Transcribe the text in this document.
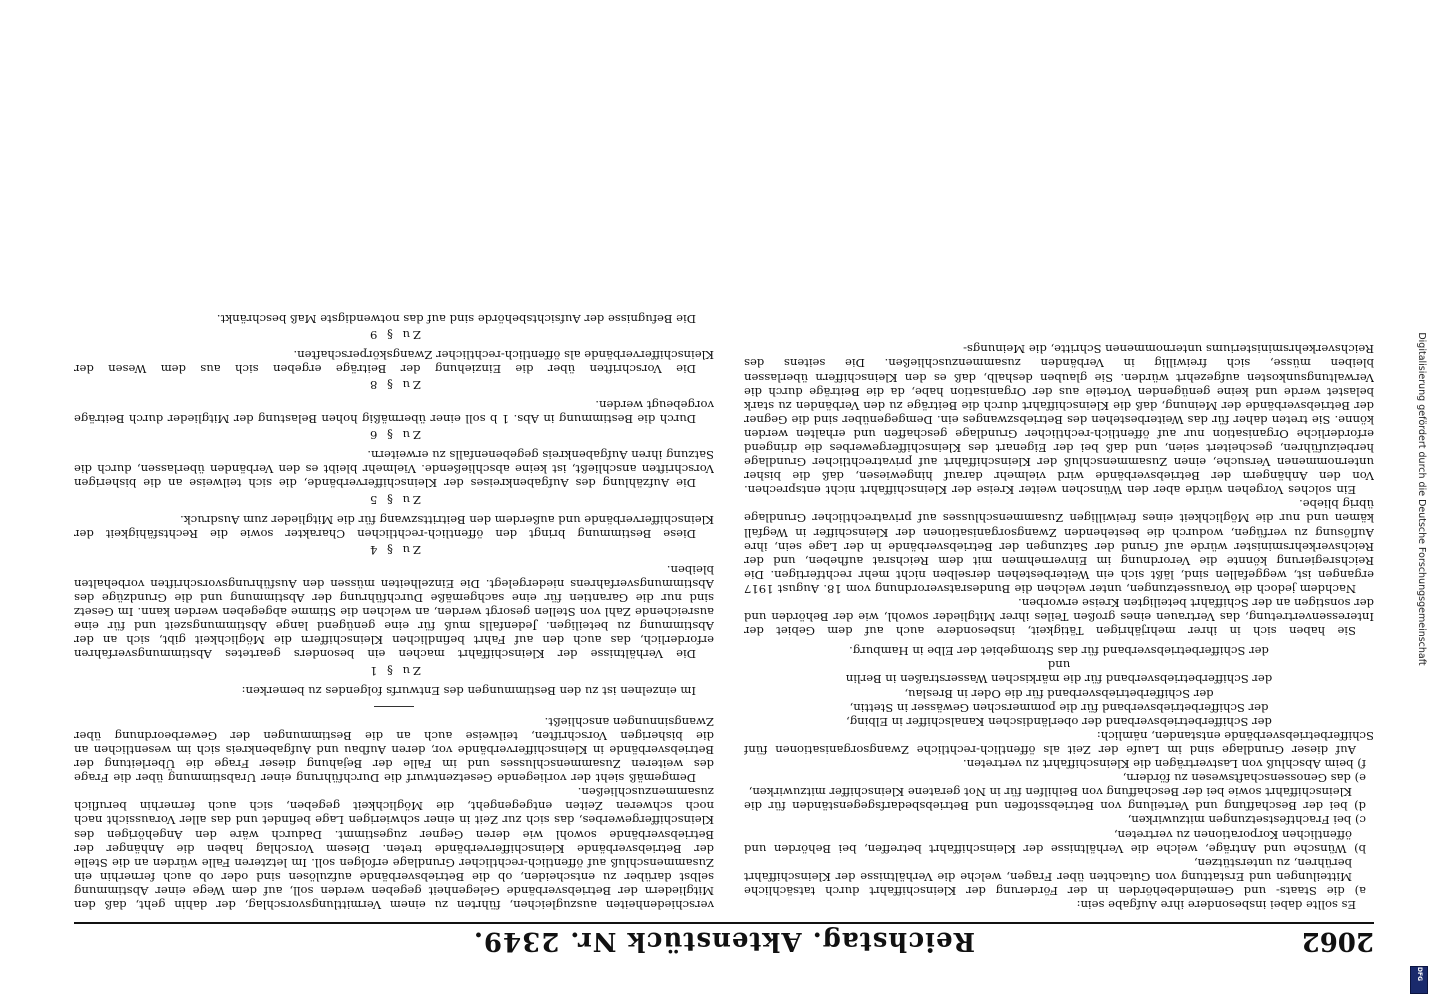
2062
Reichstag. Aktenstück Nr. 2349.

Es sollte dabei insbesondere ihre Aufgabe sein:

a) die Staats- und Gemeindebehörden in der Förderung der Kleinschiffahrt durch tatsächliche Mitteilungen und Erstattung von Gutachten über Fragen, welche die Verhältnisse der Kleinschiffahrt berühren, zu unterstützen,

b) Wünsche und Anträge, welche die Verhältnisse der Kleinschiffahrt betreffen, bei Behörden und öffentlichen Korporationen zu vertreten,

c) bei Frachtfestsetzungen mitzuwirken,

d) bei der Beschaffung und Verteilung von Betriebsstoffen und Betriebsbedarfsgegenständen für die Kleinschiffahrt sowie bei der Beschaffung von Beihilfen für in Not geratene Kleinschiffer mitzuwirken,

e) das Genossenschaftswesen zu fördern,

f) beim Abschluß von Lastverträgen die Kleinschiffahrt zu vertreten.

Auf dieser Grundlage sind im Laufe der Zeit als öffentlich-rechtliche Zwangsorganisationen fünf Schifferbetriebsverbände entstanden, nämlich:

der Schifferbetriebsverband der oberländischen Kanalschiffer in Elbing,

der Schifferbetriebsverband für die pommerschen Gewässer in Stettin,

der Schifferbetriebsverband für die Oder in Breslau,

der Schifferbetriebsverband für die märkischen Wasserstraßen in Berlin

und

der Schifferbetriebsverband für das Stromgebiet der Elbe in Hamburg.

Sie haben sich in ihrer mehrjährigen Tätigkeit, insbesondere auch auf dem Gebiet der Interessenvertretung, das Vertrauen eines großen Teiles ihrer Mitglieder sowohl, wie der Behörden und der sonstigen an der Schiffahrt beteiligten Kreise erworben.

Nachdem jedoch die Voraussetzungen, unter welchen die Bundesratsverordnung vom 18. August 1917 ergangen ist, weggefallen sind, läßt sich ein Weiterbestehen derselben nicht mehr rechtfertigen. Die Reichsregierung könnte die Verordnung im Einvernehmen mit dem Reichsrat aufheben, und der Reichsverkehrsminister würde auf Grund der Satzungen der Betriebsverbände in der Lage sein, ihre Auflösung zu verfügen, wodurch die bestehenden Zwangsorganisationen der Kleinschiffer in Wegfall kämen und nur die Möglichkeit eines freiwilligen Zusammenschlusses auf privatrechtlicher Grundlage übrig bliebe.

Ein solches Vorgehen würde aber den Wünschen weiter Kreise der Kleinschiffahrt nicht entsprechen. Von den Anhängern der Betriebsverbände wird vielmehr darauf hingewiesen, daß die bisher unternommenen Versuche, einen Zusammenschluß der Kleinschiffahrt auf privatrechtlicher Grundlage herbeizuführen, gescheitert seien, und daß bei der Eigenart des Kleinschiffergewerbes die dringend erforderliche Organisation nur auf öffentlich-rechtlicher Grundlage geschaffen und erhalten werden könne. Sie treten daher für das Weiterbestehen des Betriebszwanges ein. Demgegenüber sind die Gegner der Betriebsverbände der Meinung, daß die Kleinschiffahrt durch die Beiträge zu den Verbänden zu stark belastet werde und keine genügenden Vorteile aus der Organisation habe, da die Beiträge durch die Verwaltungsunkosten aufgezehrt würden. Sie glauben deshalb, daß es den Kleinschiffern überlassen bleiben müsse, sich freiwillig in Verbänden zusammenzuschließen. Die seitens des Reichsverkehrsministeriums unternommenen Schritte, die Meinungs-

verschiedenheiten auszugleichen, führten zu einem Vermittlungsvorschlag, der dahin geht, daß den Mitgliedern der Betriebsverbände Gelegenheit gegeben werden soll, auf dem Wege einer Abstimmung selbst darüber zu entscheiden, ob die Betriebsverbände aufzulösen sind oder ob auch fernerhin ein Zusammenschluß auf öffentlich-rechtlicher Grundlage erfolgen soll. Im letzteren Falle würden an die Stelle der Betriebsverbände Kleinschifferverbände treten. Diesem Vorschlag haben die Anhänger der Betriebsverbände sowohl wie deren Gegner zugestimmt. Dadurch wäre den Angehörigen des Kleinschiffergewerbes, das sich zur Zeit in einer schwierigen Lage befindet und das aller Voraussicht nach noch schweren Zeiten entgegengeht, die Möglichkeit gegeben, sich auch fernerhin beruflich zusammenzuschließen.

Demgemäß sieht der vorliegende Gesetzentwurf die Durchführung einer Urabstimmung über die Frage des weiteren Zusammenschlusses und im Falle der Bejahung dieser Frage die Überleitung der Betriebsverbände in Kleinschifferverbände vor, deren Aufbau und Aufgabenkreis sich im wesentlichen an die bisherigen Vorschriften, teilweise auch an die Bestimmungen der Gewerbeordnung über Zwangsinnungen anschließt.

Im einzelnen ist zu den Bestimmungen des Entwurfs folgendes zu bemerken:

Zu § 1

Die Verhältnisse der Kleinschiffahrt machen ein besonders geartetes Abstimmungsverfahren erforderlich, das auch den auf Fahrt befindlichen Kleinschiffern die Möglichkeit gibt, sich an der Abstimmung zu beteiligen. Jedenfalls muß für eine genügend lange Abstimmungszeit und für eine ausreichende Zahl von Stellen gesorgt werden, an welchen die Stimme abgegeben werden kann. Im Gesetz sind nur die Garantien für eine sachgemäße Durchführung der Abstimmung und die Grundzüge des Abstimmungsverfahrens niedergelegt. Die Einzelheiten müssen den Ausführungsvorschriften vorbehalten bleiben.

Zu § 4

Diese Bestimmung bringt den öffentlich-rechtlichen Charakter sowie die Rechtsfähigkeit der Kleinschifferverbände und außerdem den Beitrittszwang für die Mitglieder zum Ausdruck.

Zu § 5

Die Aufzählung des Aufgabenkreises der Kleinschifferverbände, die sich teilweise an die bisherigen Vorschriften anschließt, ist keine abschließende. Vielmehr bleibt es den Verbänden überlassen, durch die Satzung ihren Aufgabenkreis gegebenenfalls zu erweitern.

Zu § 6

Durch die Bestimmung in Abs. 1 b soll einer übermäßig hohen Belastung der Mitglieder durch Beiträge vorgebeugt werden.

Zu § 8

Die Vorschriften über die Einziehung der Beiträge ergeben sich aus dem Wesen der Kleinschifferverbände als öffentlich-rechtlicher Zwangskörperschaften.

Zu § 9

Die Befugnisse der Aufsichtsbehörde sind auf das notwendigste Maß beschränkt.

Digitalisierung gefördert durch die Deutsche Forschungsgemeinschaft
DFG
